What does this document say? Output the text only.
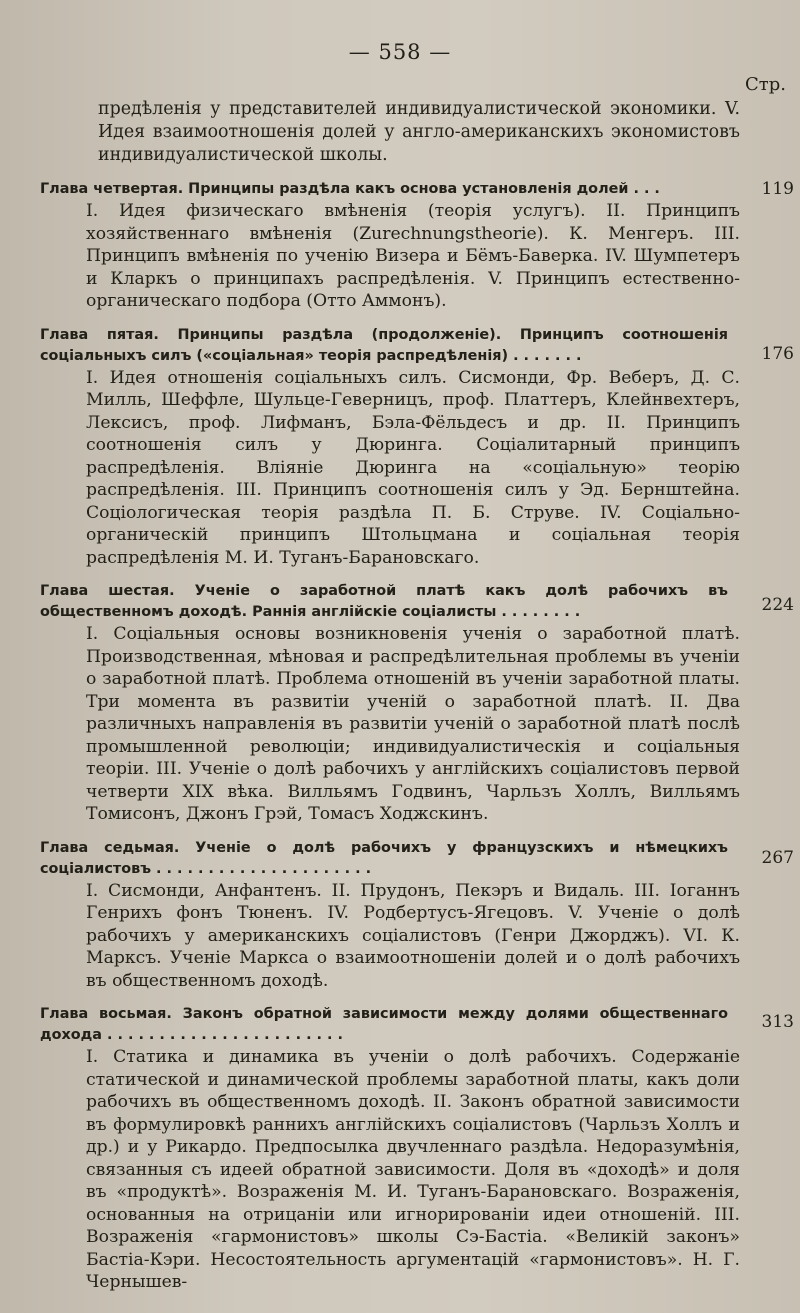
— 558 —
Стр.
предѣленія у представителей индивидуалистической экономики. V. Идея взаимоотношенія долей у англо-американскихъ экономистовъ индивидуалистической школы.
119
Глава четвертая. Принципы раздѣла какъ основа установленія долей . . .
I. Идея физическаго вмѣненія (теорія услугъ). II. Принципъ хозяйственнаго вмѣненія (Zurechnungstheorie). К. Менгеръ. III. Принципъ вмѣненія по ученію Визера и Бёмъ-Баверка. IV. Шумпетеръ и Кларкъ о принципахъ распредѣленія. V. Принципъ естественно-органическаго подбора (Отто Аммонъ).
176
Глава пятая. Принципы раздѣла (продолженіе). Принципъ соотношенія соціальныхъ силъ («соціальная» теорія распредѣленія) . . . . . . .
I. Идея отношенія соціальныхъ силъ. Сисмонди, Фр. Веберъ, Д. С. Милль, Шеффле, Шульце-Геверницъ, проф. Платтеръ, Клейнвехтеръ, Лексисъ, проф. Лифманъ, Бэла-Фёльдесъ и др. II. Принципъ соотношенія силъ у Дюринга. Соціалитарный принципъ распредѣленія. Вліяніе Дюринга на «соціальную» теорію распредѣленія. III. Принципъ соотношенія силъ у Эд. Бернштейна. Соціологическая теорія раздѣла П. Б. Струве. IV. Соціально-органическій принципъ Штольцмана и соціальная теорія распредѣленія М. И. Туганъ-Барановскаго.
224
Глава шестая. Ученіе о заработной платѣ какъ долѣ рабочихъ въ общественномъ доходѣ. Раннія англійскіе соціалисты . . . . . . . .
I. Соціальныя основы возникновенія ученія о заработной платѣ. Производственная, мѣновая и распредѣлительная проблемы въ ученіи о заработной платѣ. Проблема отношеній въ ученіи заработной платы. Три момента въ развитіи ученій о заработной платѣ. II. Два различныхъ направленія въ развитіи ученій о заработной платѣ послѣ промышленной революціи; индивидуалистическія и соціальныя теоріи. III. Ученіе о долѣ рабочихъ у англійскихъ соціалистовъ первой четверти XIX вѣка. Вилльямъ Годвинъ, Чарльзъ Холлъ, Вилльямъ Томисонъ, Джонъ Грэй, Томасъ Ходжскинъ.
267
Глава седьмая. Ученіе о долѣ рабочихъ у французскихъ и нѣмецкихъ соціалистовъ . . . . . . . . . . . . . . . . . . . . .
I. Сисмонди, Анфантенъ. II. Прудонъ, Пекэръ и Видаль. III. Іоганнъ Генрихъ фонъ Тюненъ. IV. Родбертусъ-Ягецовъ. V. Ученіе о долѣ рабочихъ у американскихъ соціалистовъ (Генри Джорджъ). VI. К. Марксъ. Ученіе Маркса о взаимоотношеніи долей и о долѣ рабочихъ въ общественномъ доходѣ.
313
Глава восьмая. Законъ обратной зависимости между долями общественнаго дохода . . . . . . . . . . . . . . . . . . . . . . .
I. Статика и динамика въ ученіи о долѣ рабочихъ. Содержаніе статической и динамической проблемы заработной платы, какъ доли рабочихъ въ общественномъ доходѣ. II. Законъ обратной зависимости въ формулировкѣ раннихъ англійскихъ соціалистовъ (Чарльзъ Холлъ и др.) и у Рикардо. Предпосылка двучленнаго раздѣла. Недоразумѣнія, связанныя съ идеей обратной зависимости. Доля въ «доходѣ» и доля въ «продуктѣ». Возраженія М. И. Туганъ-Барановскаго. Возраженія, основанныя на отрицаніи или игнорированіи идеи отношеній. III. Возраженія «гармонистовъ» школы Сэ-Бастіа. «Великій законъ» Бастіа-Кэри. Несостоятельность аргументацій «гармонистовъ». Н. Г. Чернышев-
